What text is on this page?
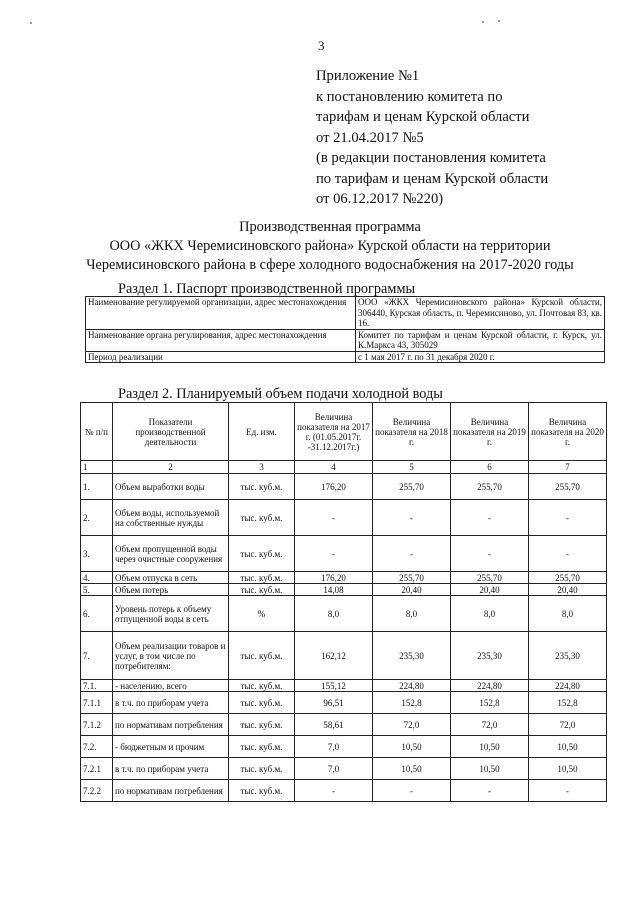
3
Приложение №1
к постановлению комитета по
тарифам и ценам Курской области
от 21.04.2017 №5
(в редакции постановления комитета
по тарифам и ценам Курской области
от 06.12.2017 №220)
Производственная программа
ООО «ЖКХ Черемисиновского района» Курской области на территории
Черемисиновского района в сфере холодного водоснабжения на 2017-2020 годы
Раздел 1. Паспорт производственной программы
Наименование регулируемой организации, адрес местонахождения	ООО «ЖКХ Черемисиновского района» Курской области, 306440, Курская область, п. Черемисиново, ул. Почтовая 83, кв. 16.
Наименование органа регулирования, адрес местонахождения	Комитет по тарифам и ценам Курской области, г. Курск, ул. К.Маркса 43, 305029
Период реализации	с 1 мая 2017 г. по 31 декабря 2020 г.
Раздел 2. Планируемый объем подачи холодной воды
№ п/п	Показатели производственной деятельности	Ед. изм.	Величина показателя на 2017 г. (01.05.2017г. -31.12.2017г.)	Величина показателя на 2018 г.	Величина показателя на 2019 г.	Величина показателя на 2020 г.
1	2	3	4	5	6	7
1.	Объем выработки воды	тыс. куб.м.	176,20	255,70	255,70	255,70
2.	Объем воды, используемой на собственные нужды	тыс. куб.м.	-	-	-	-
3.	Объем пропущенной воды через очистные сооружения	тыс. куб.м.	-	-	-	-
4.	Объем отпуска в сеть	тыс. куб.м.	176,20	255,70	255,70	255,70
5.	Объем потерь	тыс. куб.м.	14,08	20,40	20,40	20,40
6.	Уровень потерь к объему отпущенной воды в сеть	%	8,0	8,0	8,0	8,0
7.	Объем реализации товаров и услуг, в том числе по потребителям:	тыс. куб.м.	162,12	235,30	235,30	235,30
7.1.	- населению, всего	тыс. куб.м.	155,12	224,80	224,80	224,80
7.1.1	в т.ч. по приборам учета	тыс. куб.м.	96,51	152,8	152,8	152,8
7.1.2	по нормативам потребления	тыс. куб.м.	58,61	72,0	72,0	72,0
7.2.	- бюджетным и прочим	тыс. куб.м.	7,0	10,50	10,50	10,50
7.2.1	в т.ч. по приборам учета	тыс. куб.м.	7,0	10,50	10,50	10,50
7.2.2	по нормативам потребления	тыс. куб.м.	-	-	-	-
